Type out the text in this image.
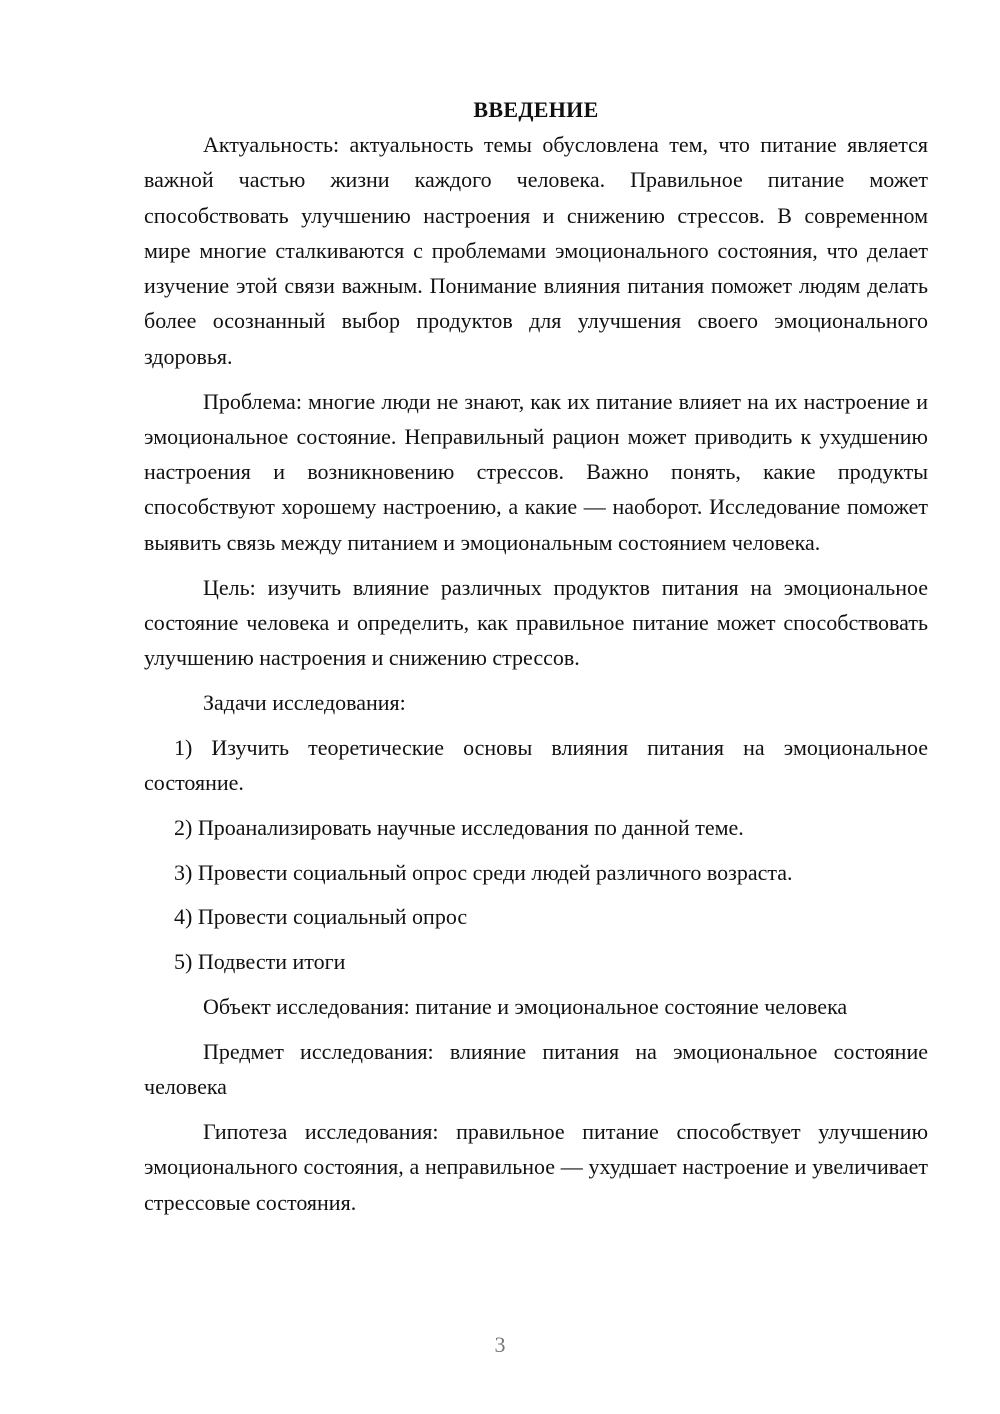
ВВЕДЕНИЕ

Актуальность: актуальность темы обусловлена тем, что питание является важной частью жизни каждого человека. Правильное питание может способствовать улучшению настроения и снижению стрессов. В современном мире многие сталкиваются с проблемами эмоционального состояния, что делает изучение этой связи важным. Понимание влияния питания поможет людям делать более осознанный выбор продуктов для улучшения своего эмоционального здоровья.

Проблема: многие люди не знают, как их питание влияет на их настроение и эмоциональное состояние. Неправильный рацион может приводить к ухудшению настроения и возникновению стрессов. Важно понять, какие продукты способствуют хорошему настроению, а какие — наоборот. Исследование поможет выявить связь между питанием и эмоциональным состоянием человека.

Цель: изучить влияние различных продуктов питания на эмоциональное состояние человека и определить, как правильное питание может способствовать улучшению настроения и снижению стрессов.

Задачи исследования:

1) Изучить теоретические основы влияния питания на эмоциональное состояние.

2) Проанализировать научные исследования по данной теме.

3) Провести социальный опрос среди людей различного возраста.

4) Провести социальный опрос

5) Подвести итоги

Объект исследования: питание и эмоциональное состояние человека

Предмет исследования: влияние питания на эмоциональное состояние человека

Гипотеза исследования: правильное питание способствует улучшению эмоционального состояния, а неправильное — ухудшает настроение и увеличивает стрессовые состояния.

3
